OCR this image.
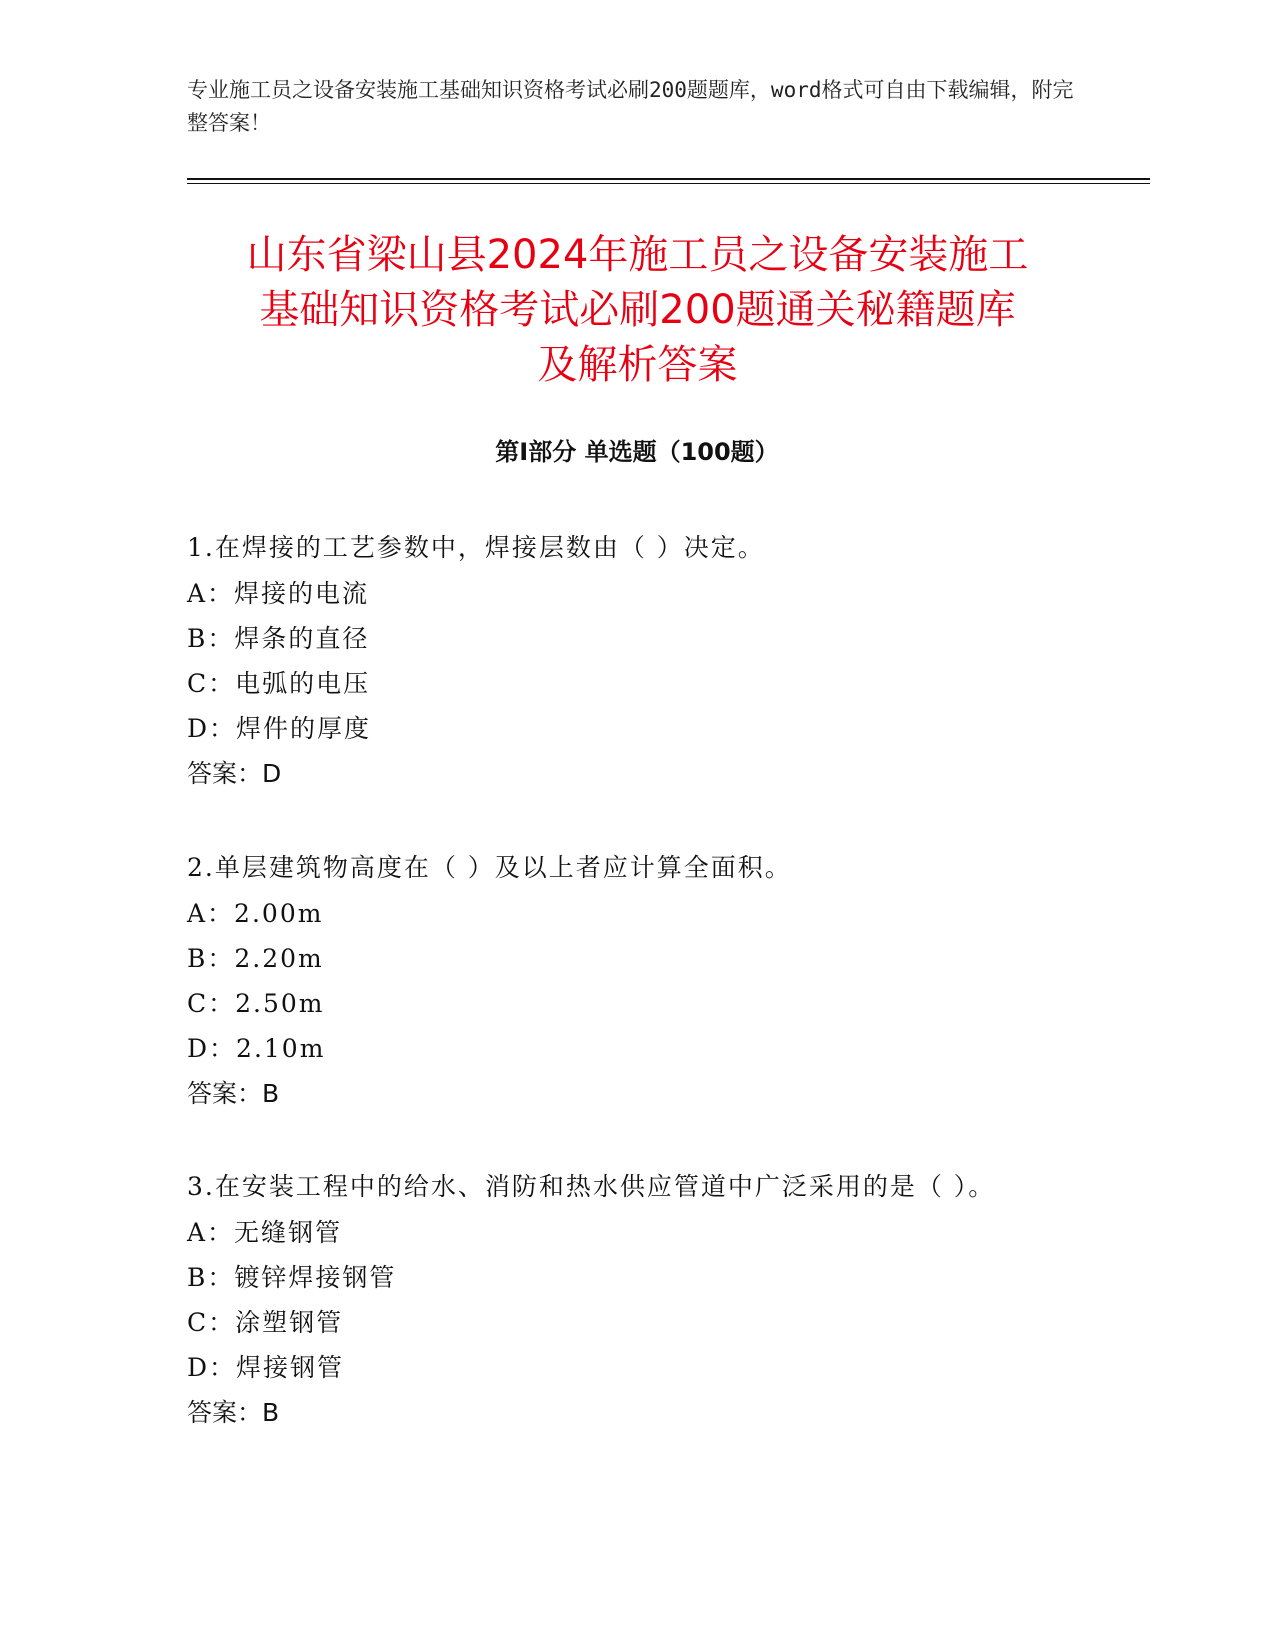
专业施工员之设备安装施工基础知识资格考试必刷200题题库，word格式可自由下载编辑，附完整答案！
山东省梁山县2024年施工员之设备安装施工
基础知识资格考试必刷200题通关秘籍题库
及解析答案
第Ⅰ部分 单选题（100题）
1.在焊接的工艺参数中，焊接层数由（ ）决定。
A：焊接的电流
B：焊条的直径
C：电弧的电压
D：焊件的厚度
答案：D
2.单层建筑物高度在（ ）及以上者应计算全面积。
A：2.00m
B：2.20m
C：2.50m
D：2.10m
答案：B
3.在安装工程中的给水、消防和热水供应管道中广泛采用的是（ ）。
A：无缝钢管
B：镀锌焊接钢管
C：涂塑钢管
D：焊接钢管
答案：B
